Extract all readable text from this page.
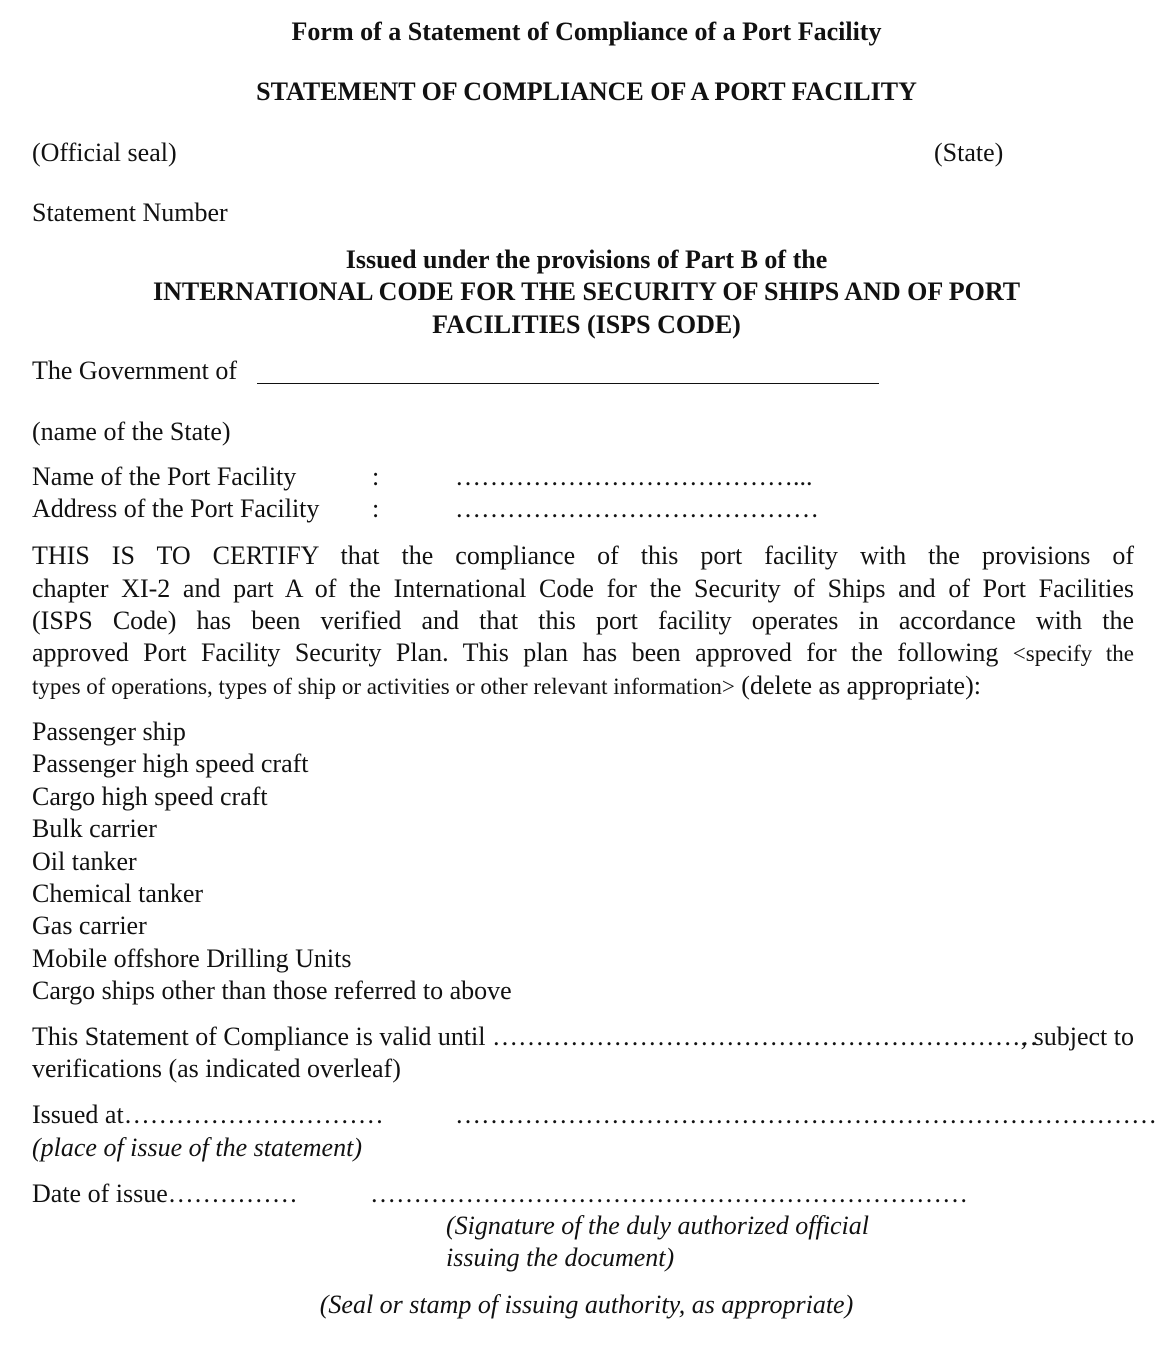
Form of a Statement of Compliance of a Port Facility
STATEMENT OF COMPLIANCE OF A PORT FACILITY
(Official seal)	(State)
Statement Number
Issued under the provisions of Part B of the
INTERNATIONAL CODE FOR THE SECURITY OF SHIPS AND OF PORT
FACILITIES (ISPS CODE)
The Government of
(name of the State)
Name of the Port Facility	:	…………………………………...
Address of the Port Facility :	……………………………………
THIS IS TO CERTIFY that the compliance of this port facility with the provisions of
chapter XI-2 and part A of the International Code for the Security of Ships and of Port Facilities
(ISPS Code) has been verified and that this port facility operates in accordance with the
approved Port Facility Security Plan. This plan has been approved for the following <specify the
types of operations, types of ship or activities or other relevant information> (delete as appropriate):
Passenger ship
Passenger high speed craft
Cargo high speed craft
Bulk carrier
Oil tanker
Chemical tanker
Gas carrier
Mobile offshore Drilling Units
Cargo ships other than those referred to above
This Statement of Compliance is valid until ………………………………………………………
, subject to
verifications (as indicated overleaf)
Issued at…………………………	………………………………………………………………………
(place of issue of the statement)
Date of issue……………	……………………………………………………………
(Signature of the duly authorized official
issuing the document)
(Seal or stamp of issuing authority, as appropriate)
